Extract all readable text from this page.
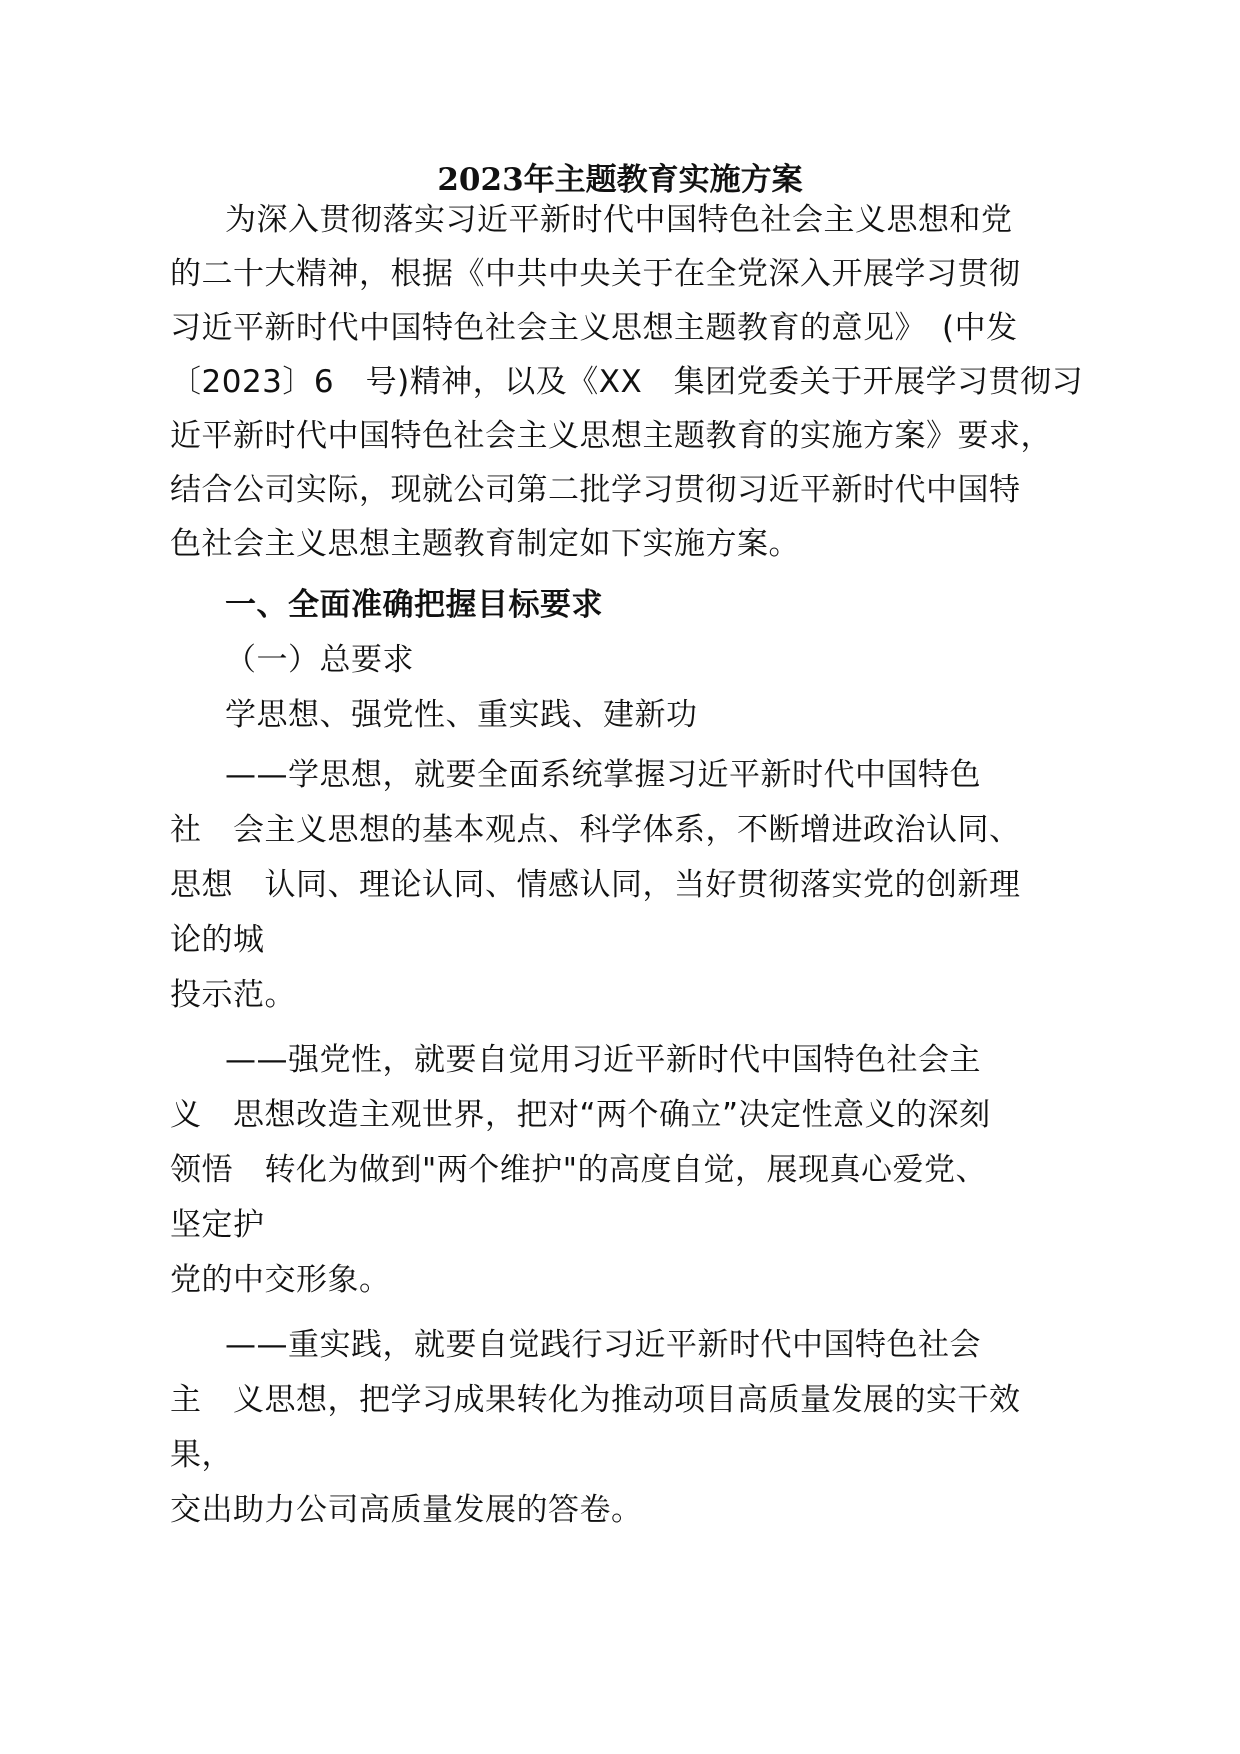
2023年主题教育实施方案
为深入贯彻落实习近平新时代中国特色社会主义思想和党
的二十大精神，根据《中共中央关于在全党深入开展学习贯彻
习近平新时代中国特色社会主义思想主题教育的意见》　(中发
〔2023〕6　号)精神，以及《XX　集团党委关于开展学习贯彻习
近平新时代中国特色社会主义思想主题教育的实施方案》要求，
结合公司实际，现就公司第二批学习贯彻习近平新时代中国特
色社会主义思想主题教育制定如下实施方案。
一、全面准确把握目标要求
（一）总要求
学思想、强党性、重实践、建新功
——学思想，就要全面系统掌握习近平新时代中国特色
社　会主义思想的基本观点、科学体系，不断增进政治认同、
思想　认同、理论认同、情感认同，当好贯彻落实党的创新理
论的城
投示范。
——强党性，就要自觉用习近平新时代中国特色社会主
义　思想改造主观世界，把对“两个确立”决定性意义的深刻
领悟　转化为做到"两个维护"的高度自觉，展现真心爱党、
坚定护
党的中交形象。
——重实践，就要自觉践行习近平新时代中国特色社会
主　义思想，把学习成果转化为推动项目高质量发展的实干效
果，
交出助力公司高质量发展的答卷。
